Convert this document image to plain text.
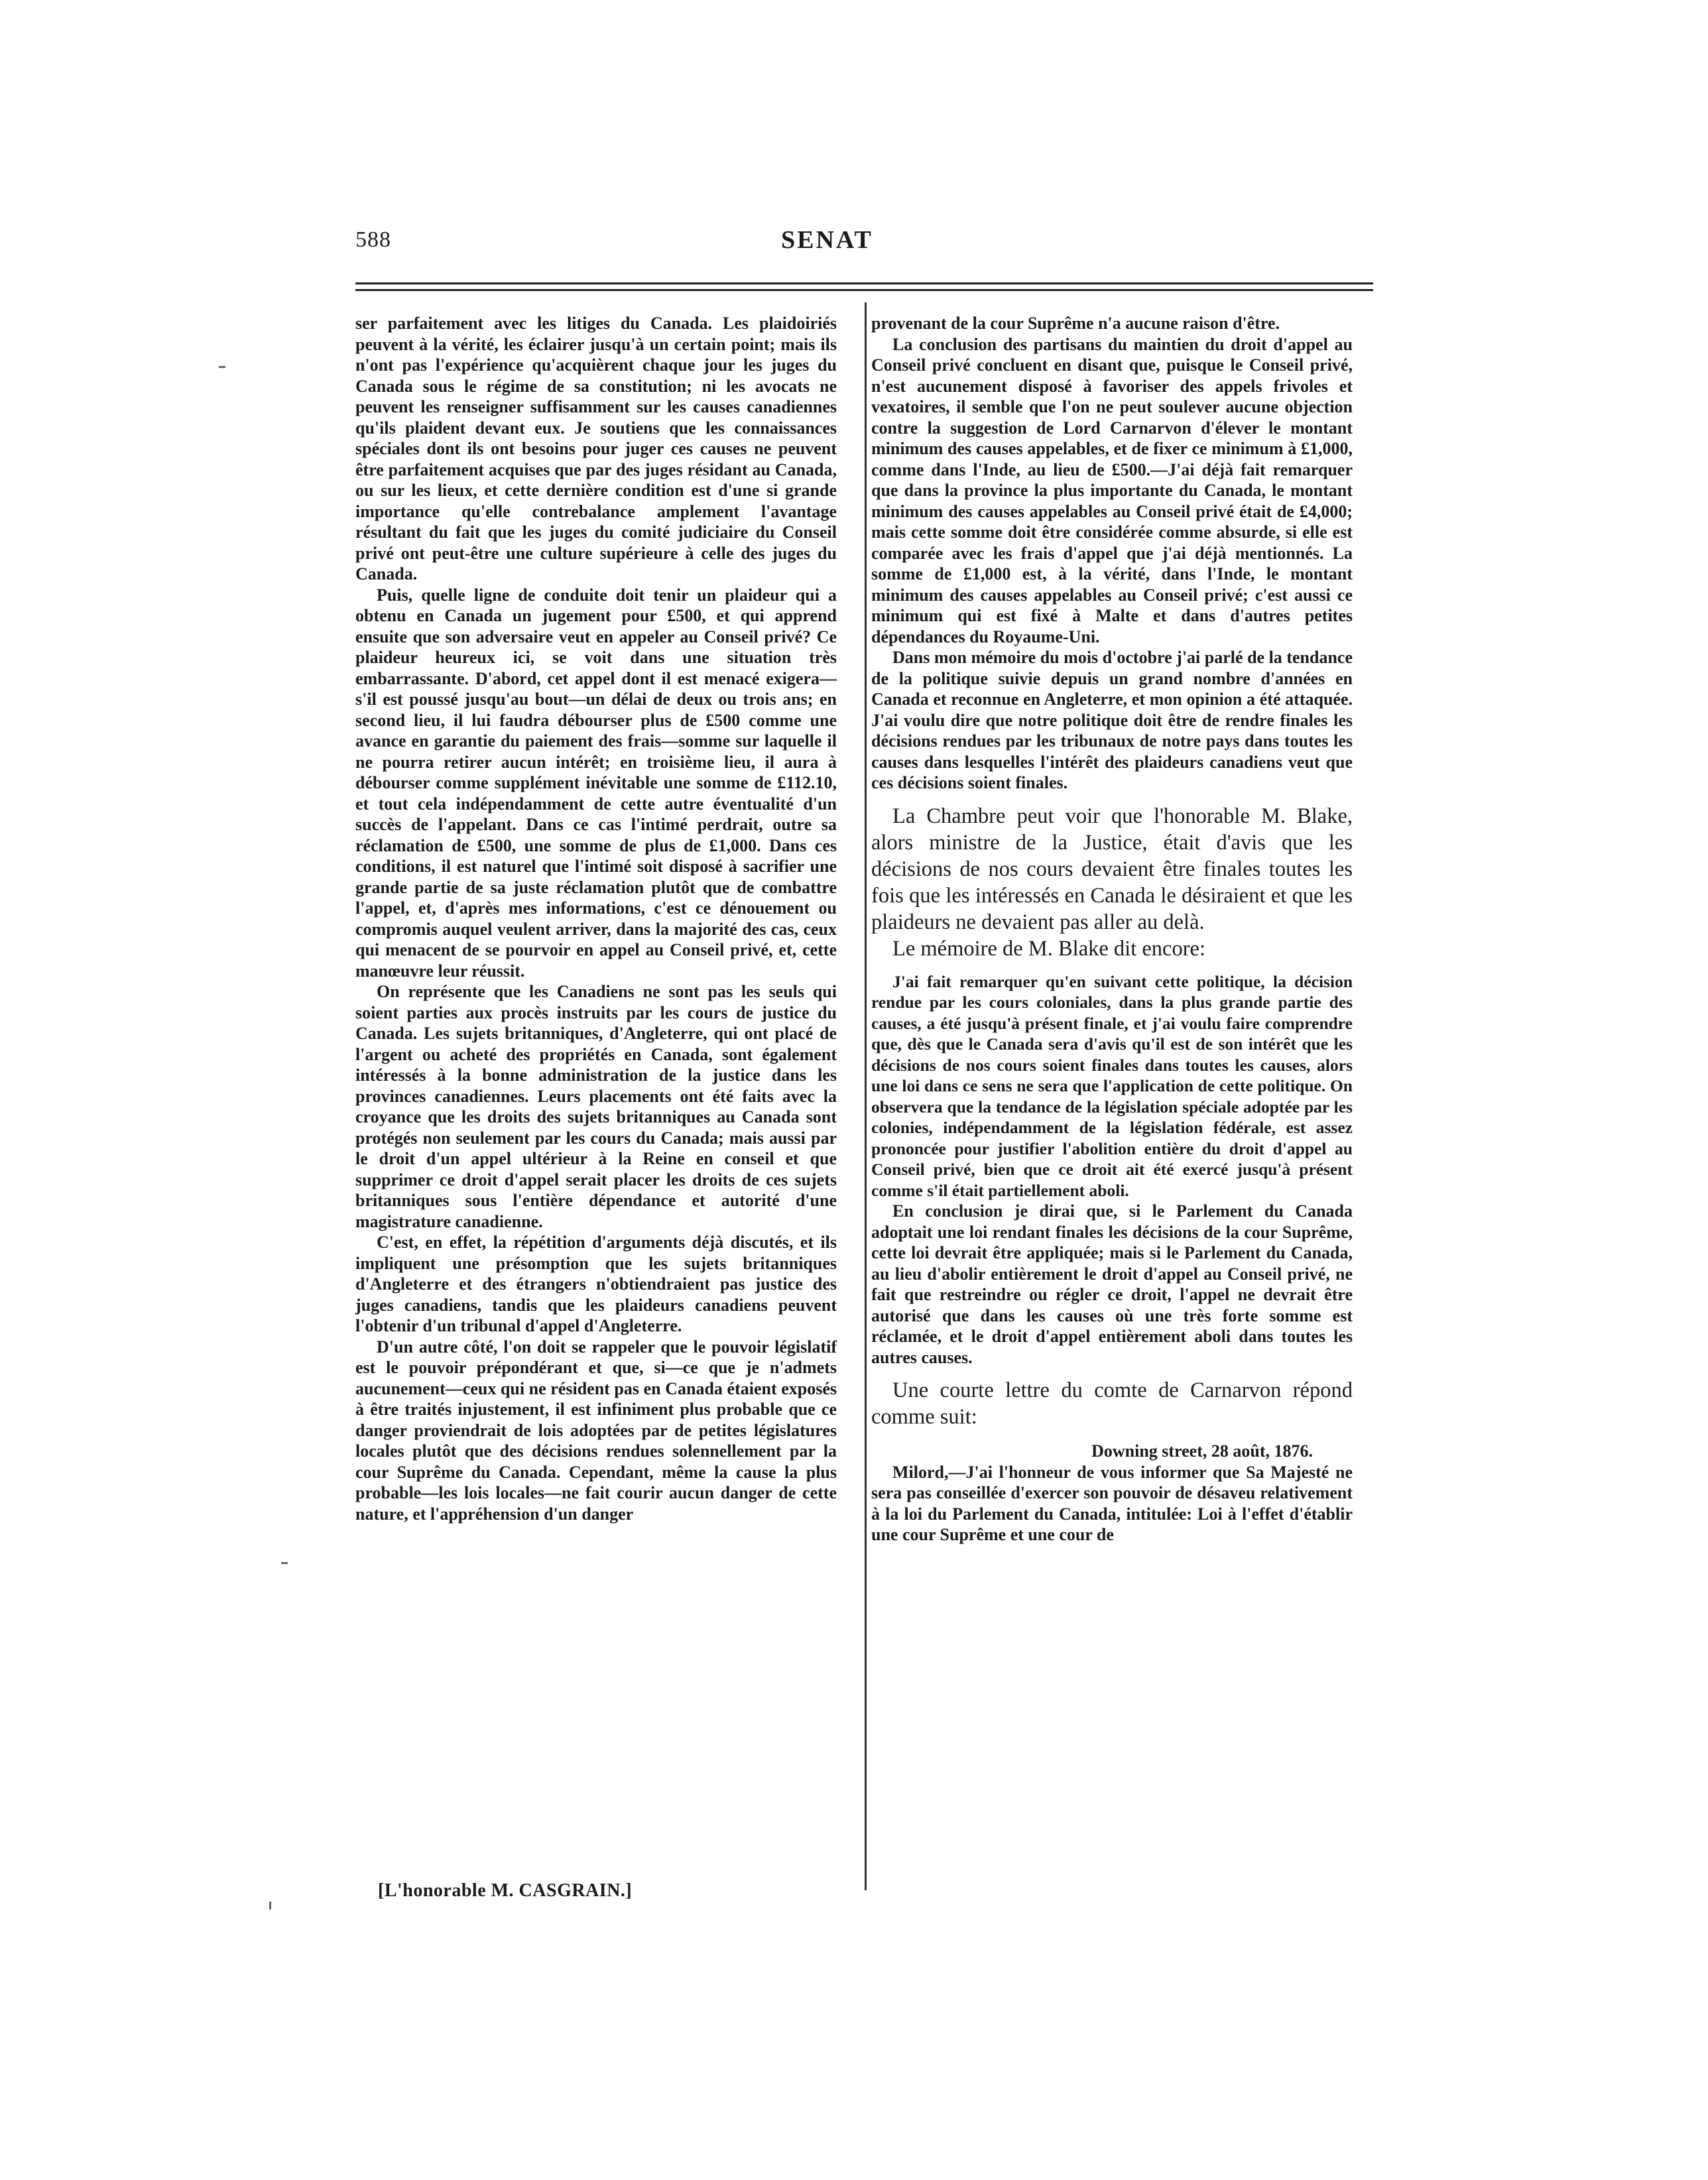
588	SENAT

ser parfaitement avec les litiges du Canada. Les plaidoiriés peuvent à la vérité, les éclairer jusqu'à un certain point; mais ils n'ont pas l'expérience qu'acquièrent chaque jour les juges du Canada sous le régime de sa constitution; ni les avocats ne peuvent les renseigner suffisamment sur les causes canadiennes qu'ils plaident devant eux. Je soutiens que les connaissances spéciales dont ils ont besoins pour juger ces causes ne peuvent être parfaitement acquises que par des juges résidant au Canada, ou sur les lieux, et cette dernière condition est d'une si grande importance qu'elle contrebalance amplement l'avantage résultant du fait que les juges du comité judiciaire du Conseil privé ont peut-être une culture supérieure à celle des juges du Canada.

Puis, quelle ligne de conduite doit tenir un plaideur qui a obtenu en Canada un jugement pour £500, et qui apprend ensuite que son adversaire veut en appeler au Conseil privé? Ce plaideur heureux ici, se voit dans une situation très embarrassante. D'abord, cet appel dont il est menacé exigera—s'il est poussé jusqu'au bout—un délai de deux ou trois ans; en second lieu, il lui faudra débourser plus de £500 comme une avance en garantie du paiement des frais—somme sur laquelle il ne pourra retirer aucun intérêt; en troisième lieu, il aura à débourser comme supplément inévitable une somme de £112.10, et tout cela indépendamment de cette autre éventualité d'un succès de l'appelant. Dans ce cas l'intimé perdrait, outre sa réclamation de £500, une somme de plus de £1,000. Dans ces conditions, il est naturel que l'intimé soit disposé à sacrifier une grande partie de sa juste réclamation plutôt que de combattre l'appel, et, d'après mes informations, c'est ce dénouement ou compromis auquel veulent arriver, dans la majorité des cas, ceux qui menacent de se pourvoir en appel au Conseil privé, et, cette manœuvre leur réussit.

On représente que les Canadiens ne sont pas les seuls qui soient parties aux procès instruits par les cours de justice du Canada. Les sujets britanniques, d'Angleterre, qui ont placé de l'argent ou acheté des propriétés en Canada, sont également intéressés à la bonne administration de la justice dans les provinces canadiennes. Leurs placements ont été faits avec la croyance que les droits des sujets britanniques au Canada sont protégés non seulement par les cours du Canada; mais aussi par le droit d'un appel ultérieur à la Reine en conseil et que supprimer ce droit d'appel serait placer les droits de ces sujets britanniques sous l'entière dépendance et autorité d'une magistrature canadienne.

C'est, en effet, la répétition d'arguments déjà discutés, et ils impliquent une présomption que les sujets britanniques d'Angleterre et des étrangers n'obtiendraient pas justice des juges canadiens, tandis que les plaideurs canadiens peuvent l'obtenir d'un tribunal d'appel d'Angleterre.

D'un autre côté, l'on doit se rappeler que le pouvoir législatif est le pouvoir prépondérant et que, si—ce que je n'admets aucunement—ceux qui ne résident pas en Canada étaient exposés à être traités injustement, il est infiniment plus probable que ce danger proviendrait de lois adoptées par de petites législatures locales plutôt que des décisions rendues solennellement par la cour Suprême du Canada. Cependant, même la cause la plus probable—les lois locales—ne fait courir aucun danger de cette nature, et l'appréhension d'un danger

[L'honorable M. CASGRAIN.]

provenant de la cour Suprême n'a aucune raison d'être.

La conclusion des partisans du maintien du droit d'appel au Conseil privé concluent en disant que, puisque le Conseil privé, n'est aucunement disposé à favoriser des appels frivoles et vexatoires, il semble que l'on ne peut soulever aucune objection contre la suggestion de Lord Carnarvon d'élever le montant minimum des causes appelables, et de fixer ce minimum à £1,000, comme dans l'Inde, au lieu de £500.—J'ai déjà fait remarquer que dans la province la plus importante du Canada, le montant minimum des causes appelables au Conseil privé était de £4,000; mais cette somme doit être considérée comme absurde, si elle est comparée avec les frais d'appel que j'ai déjà mentionnés. La somme de £1,000 est, à la vérité, dans l'Inde, le montant minimum des causes appelables au Conseil privé; c'est aussi ce minimum qui est fixé à Malte et dans d'autres petites dépendances du Royaume-Uni.

Dans mon mémoire du mois d'octobre j'ai parlé de la tendance de la politique suivie depuis un grand nombre d'années en Canada et reconnue en Angleterre, et mon opinion a été attaquée. J'ai voulu dire que notre politique doit être de rendre finales les décisions rendues par les tribunaux de notre pays dans toutes les causes dans lesquelles l'intérêt des plaideurs canadiens veut que ces décisions soient finales.

La Chambre peut voir que l'honorable M. Blake, alors ministre de la Justice, était d'avis que les décisions de nos cours devaient être finales toutes les fois que les intéressés en Canada le désiraient et que les plaideurs ne devaient pas aller au delà.

Le mémoire de M. Blake dit encore:

J'ai fait remarquer qu'en suivant cette politique, la décision rendue par les cours coloniales, dans la plus grande partie des causes, a été jusqu'à présent finale, et j'ai voulu faire comprendre que, dès que le Canada sera d'avis qu'il est de son intérêt que les décisions de nos cours soient finales dans toutes les causes, alors une loi dans ce sens ne sera que l'application de cette politique. On observera que la tendance de la législation spéciale adoptée par les colonies, indépendamment de la législation fédérale, est assez prononcée pour justifier l'abolition entière du droit d'appel au Conseil privé, bien que ce droit ait été exercé jusqu'à présent comme s'il était partiellement aboli.

En conclusion je dirai que, si le Parlement du Canada adoptait une loi rendant finales les décisions de la cour Suprême, cette loi devrait être appliquée; mais si le Parlement du Canada, au lieu d'abolir entièrement le droit d'appel au Conseil privé, ne fait que restreindre ou régler ce droit, l'appel ne devrait être autorisé que dans les causes où une très forte somme est réclamée, et le droit d'appel entièrement aboli dans toutes les autres causes.

Une courte lettre du comte de Carnarvon répond comme suit:

Downing street, 28 août, 1876.

Milord,—J'ai l'honneur de vous informer que Sa Majesté ne sera pas conseillée d'exercer son pouvoir de désaveu relativement à la loi du Parlement du Canada, intitulée: Loi à l'effet d'établir une cour Suprême et une cour de
